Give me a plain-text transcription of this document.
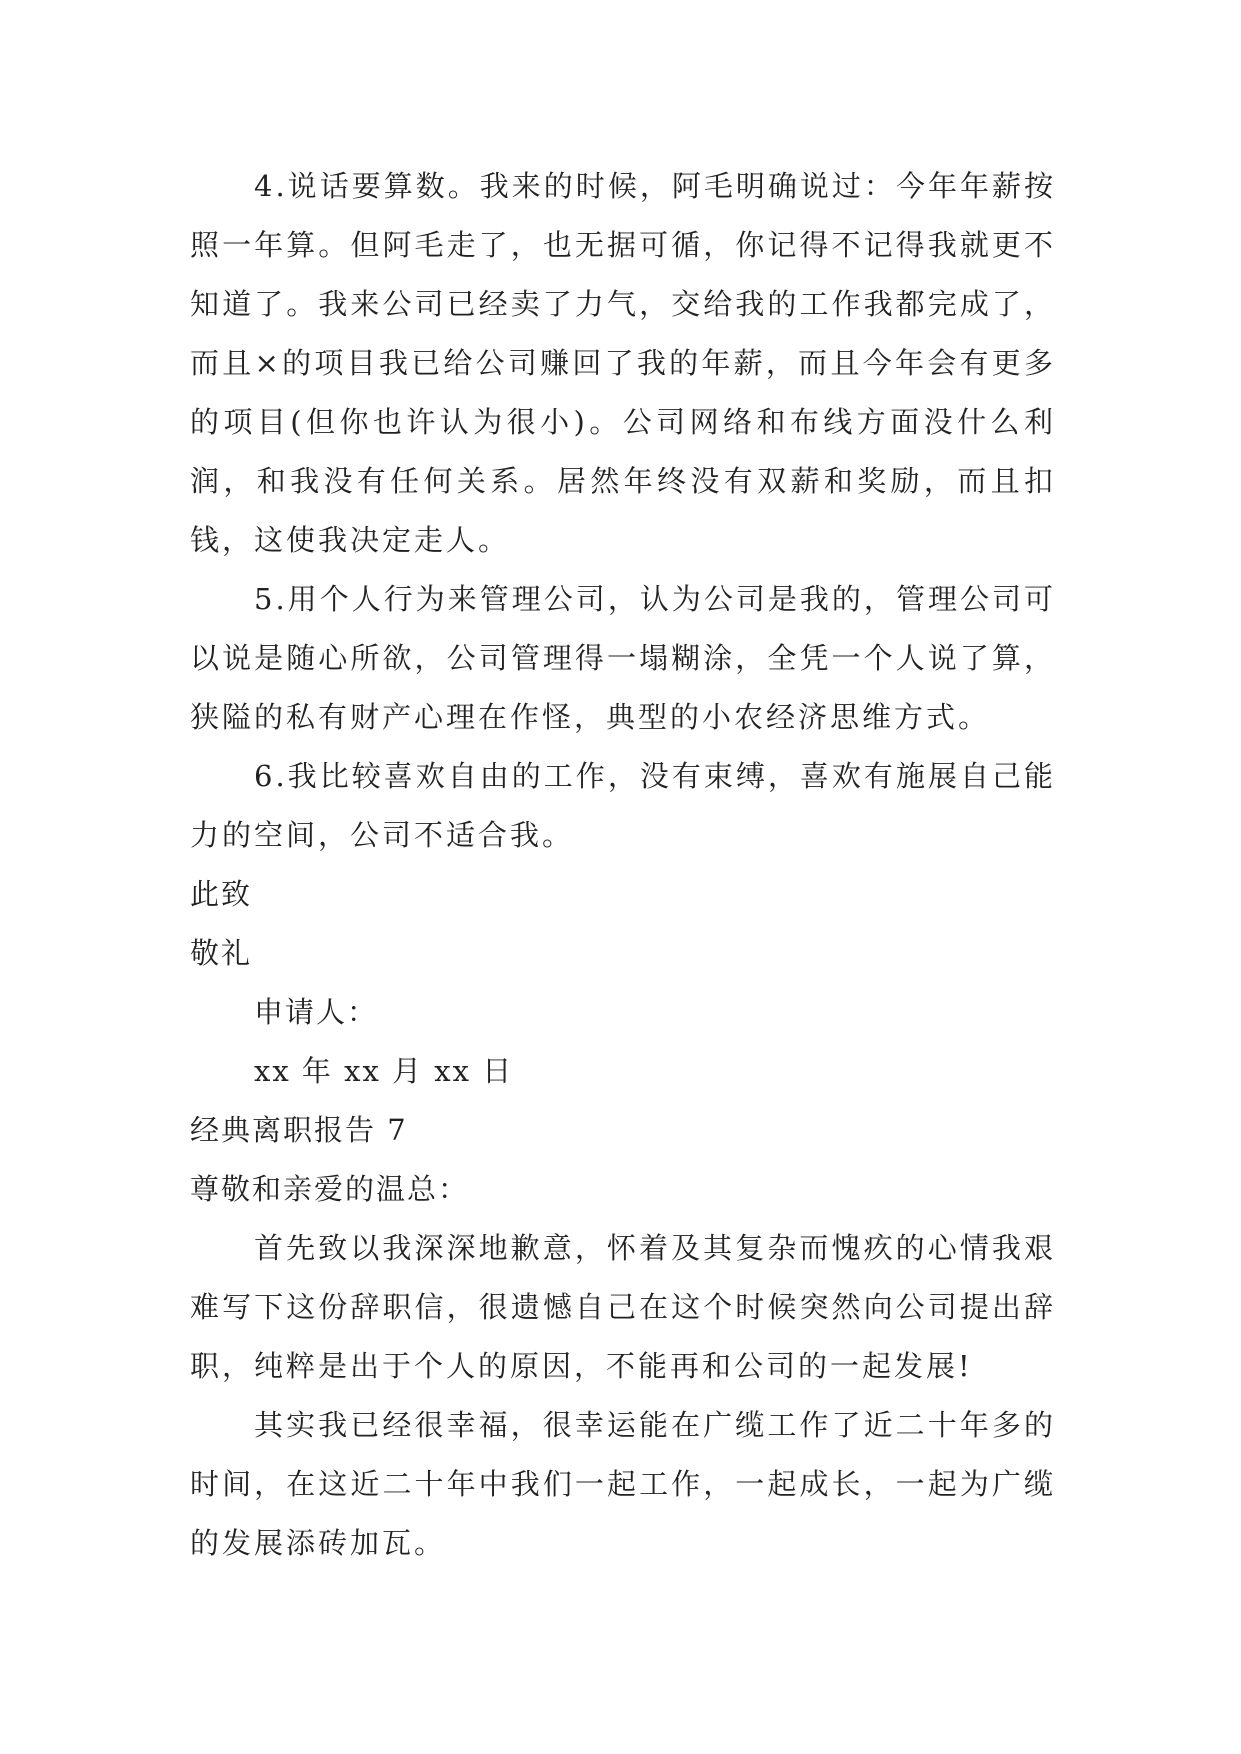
4.说话要算数。我来的时候，阿毛明确说过：今年年薪按照一年算。但阿毛走了，也无据可循，你记得不记得我就更不知道了。我来公司已经卖了力气，交给我的工作我都完成了，而且×的项目我已给公司赚回了我的年薪，而且今年会有更多的项目(但你也许认为很小)。公司网络和布线方面没什么利润，和我没有任何关系。居然年终没有双薪和奖励，而且扣钱，这使我决定走人。

5.用个人行为来管理公司，认为公司是我的，管理公司可以说是随心所欲，公司管理得一塌糊涂，全凭一个人说了算，狭隘的私有财产心理在作怪，典型的小农经济思维方式。

6.我比较喜欢自由的工作，没有束缚，喜欢有施展自己能力的空间，公司不适合我。

此致

敬礼

申请人：

xx 年 xx 月 xx 日

经典离职报告 7

尊敬和亲爱的温总：

首先致以我深深地歉意，怀着及其复杂而愧疚的心情我艰难写下这份辞职信，很遗憾自己在这个时候突然向公司提出辞职，纯粹是出于个人的原因，不能再和公司的一起发展!

其实我已经很幸福，很幸运能在广缆工作了近二十年多的时间，在这近二十年中我们一起工作，一起成长，一起为广缆的发展添砖加瓦。
